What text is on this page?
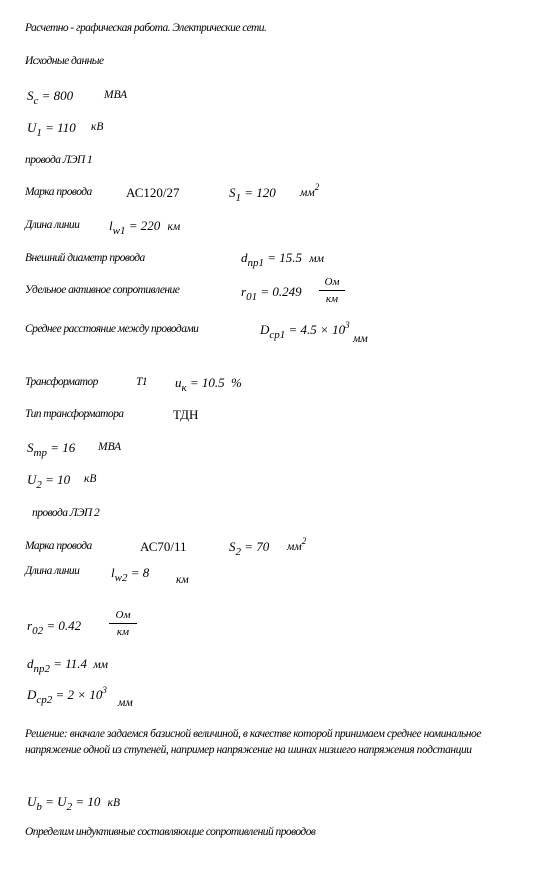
Расчетно - графическая работа. Электрические сети.
Исходные данные
$S_c = 800$	МВА
$U_1 = 110$ кВ
провода ЛЭП 1
Марка провода	АС120/27	$S_1 = 120$ $мм^2$
Длина линии $l_{w1} = 220$ км
Внешний диаметр провода	$d_{пр1} = 15.5$ мм
Удельное активное сопротивление	$r_{01} = 0.249$
Ом
км
Среднее расстояние между проводами	$D_{ср1} = 4.5 \times 10^3$
мм
Трансформатор	Т1 $u_к = 10.5$ %
Тип трансформатора	ТДН
$S_{тр} = 16$ МВА
$U_2 = 10$ кВ
провода ЛЭП 2
Марка провода	АС70/11	$S_2 = 70$ $мм^2$
Длина линии $l_{w2} = 8$ км
$r_{02} = 0.42$
Ом
км
$d_{пр2} = 11.4$ мм
$D_{ср2} = 2 \times 10^3$
мм
Решение: вначале задаемся базисной величиной, в качестве которой принимаем среднее номинальное напряжение одной из ступеней, например напряжение на шинах низшего напряжения подстанции
$U_b = U_2 = 10$ кВ
Определим индуктивные составляющие сопротивлений проводов
